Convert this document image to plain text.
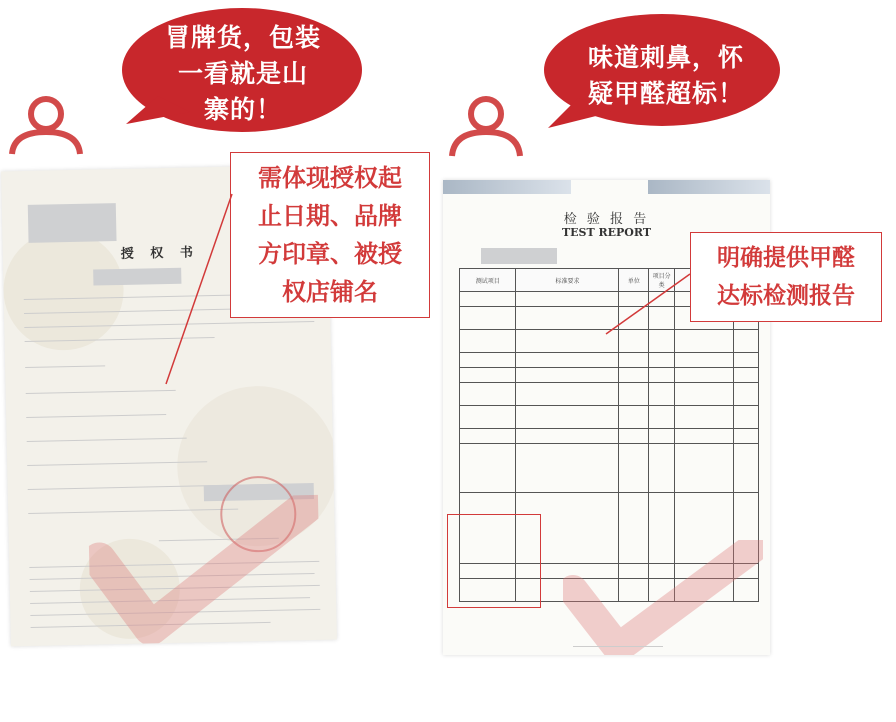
冒牌货，包装
一看就是山
寨的！
味道刺鼻，怀
疑甲醛超标！
授 权 书
需体现授权起
止日期、品牌
方印章、被授
权店铺名
检 验 报 告
TEST REPORT
测试项目	标准要求	单位	项目分类		

明确提供甲醛
达标检测报告
